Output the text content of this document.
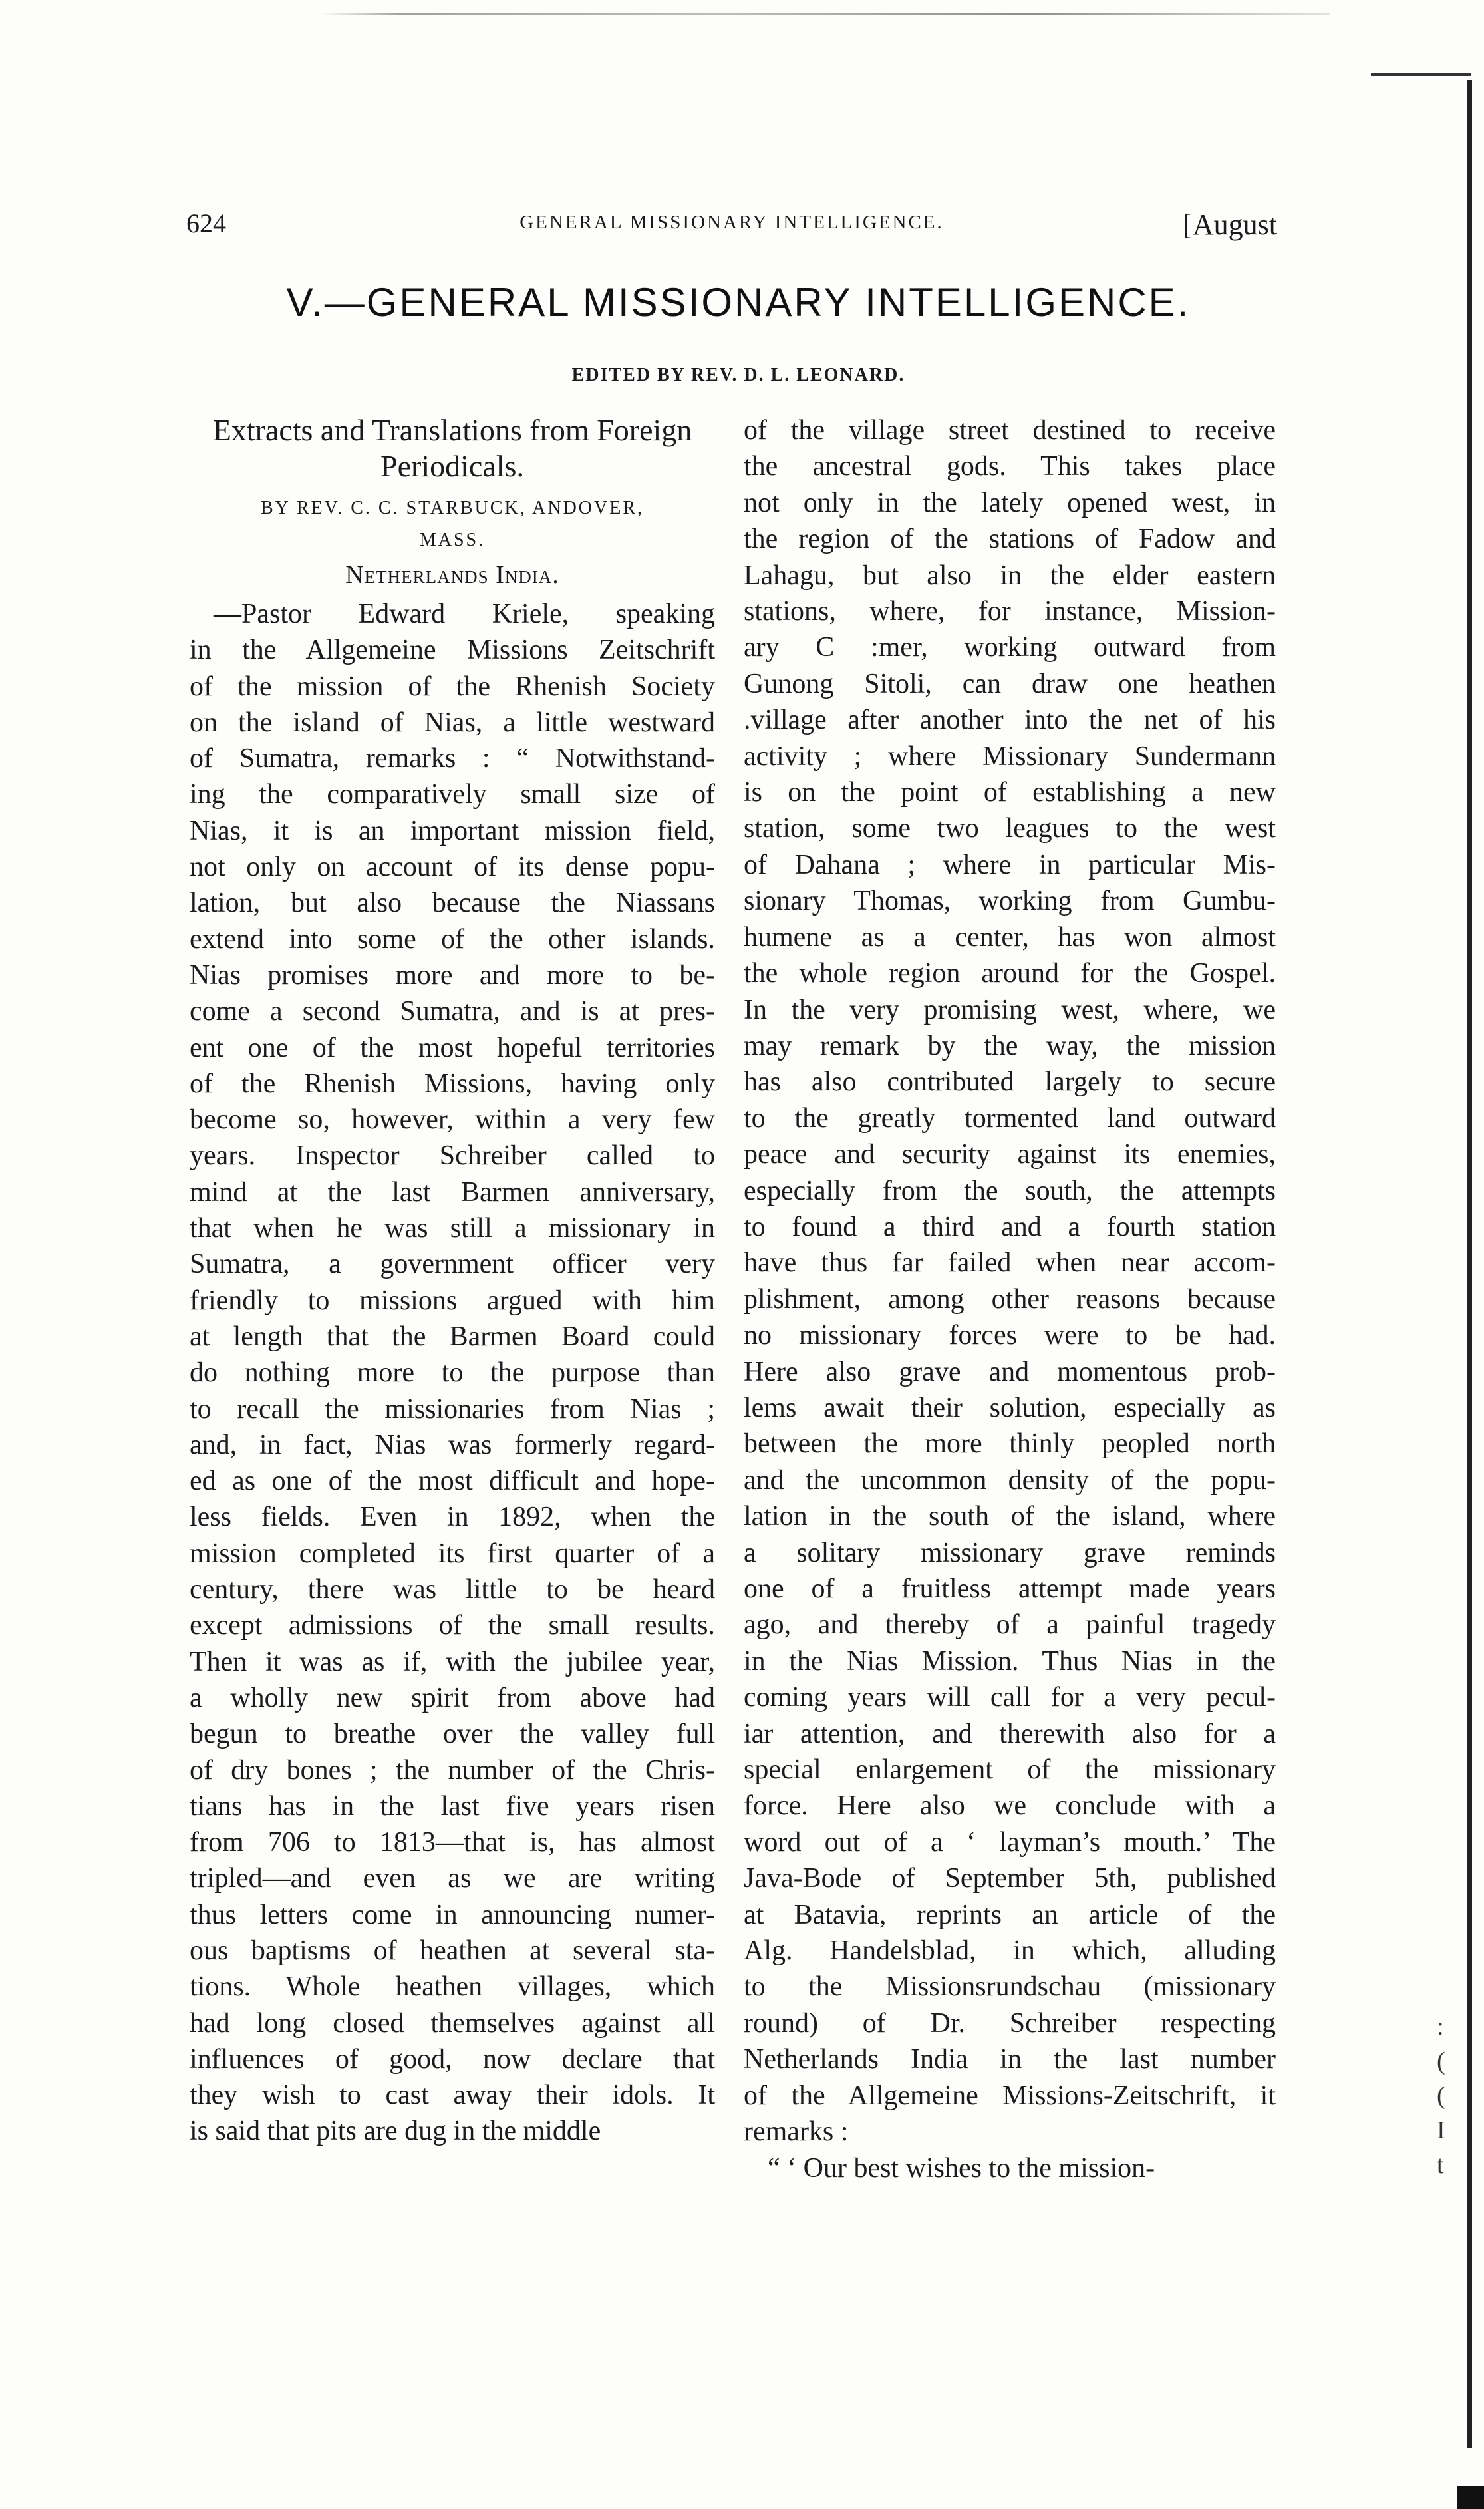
624	GENERAL MISSIONARY INTELLIGENCE.	[August
V.—GENERAL MISSIONARY INTELLIGENCE.
EDITED BY REV. D. L. LEONARD.
Extracts and Translations from Foreign
Periodicals.
BY REV. C. C. STARBUCK, ANDOVER,
MASS.
Netherlands India.
—Pastor Edward Kriele, speaking
in the Allgemeine Missions Zeitschrift
of the mission of the Rhenish Society
on the island of Nias, a little westward
of Sumatra, remarks : “ Notwithstand-
ing the comparatively small size of
Nias, it is an important mission field,
not only on account of its dense popu-
lation, but also because the Niassans
extend into some of the other islands.
Nias promises more and more to be-
come a second Sumatra, and is at pres-
ent one of the most hopeful territories
of the Rhenish Missions, having only
become so, however, within a very few
years. Inspector Schreiber called to
mind at the last Barmen anniversary,
that when he was still a missionary in
Sumatra, a government officer very
friendly to missions argued with him
at length that the Barmen Board could
do nothing more to the purpose than
to recall the missionaries from Nias ;
and, in fact, Nias was formerly regard-
ed as one of the most difficult and hope-
less fields. Even in 1892, when the
mission completed its first quarter of a
century, there was little to be heard
except admissions of the small results.
Then it was as if, with the jubilee year,
a wholly new spirit from above had
begun to breathe over the valley full
of dry bones ; the number of the Chris-
tians has in the last five years risen
from 706 to 1813—that is, has almost
tripled—and even as we are writing
thus letters come in announcing numer-
ous baptisms of heathen at several sta-
tions. Whole heathen villages, which
had long closed themselves against all
influences of good, now declare that
they wish to cast away their idols. It
is said that pits are dug in the middle
of the village street destined to receive
the ancestral gods. This takes place
not only in the lately opened west, in
the region of the stations of Fadow and
Lahagu, but also in the elder eastern
stations, where, for instance, Mission-
ary C :mer, working outward from
Gunong Sitoli, can draw one heathen
.village after another into the net of his
activity ; where Missionary Sundermann
is on the point of establishing a new
station, some two leagues to the west
of Dahana ; where in particular Mis-
sionary Thomas, working from Gumbu-
humene as a center, has won almost
the whole region around for the Gospel.
In the very promising west, where, we
may remark by the way, the mission
has also contributed largely to secure
to the greatly tormented land outward
peace and security against its enemies,
especially from the south, the attempts
to found a third and a fourth station
have thus far failed when near accom-
plishment, among other reasons because
no missionary forces were to be had.
Here also grave and momentous prob-
lems await their solution, especially as
between the more thinly peopled north
and the uncommon density of the popu-
lation in the south of the island, where
a solitary missionary grave reminds
one of a fruitless attempt made years
ago, and thereby of a painful tragedy
in the Nias Mission. Thus Nias in the
coming years will call for a very pecul-
iar attention, and therewith also for a
special enlargement of the missionary
force. Here also we conclude with a
word out of a ‘ layman’s mouth.’ The
Java-Bode of September 5th, published
at Batavia, reprints an article of the
Alg. Handelsblad, in which, alluding
to the Missionsrundschau (missionary
round) of Dr. Schreiber respecting
Netherlands India in the last number
of the Allgemeine Missions-Zeitschrift, it
remarks :
“ ‘ Our best wishes to the mission-
:
(
(
I
t
